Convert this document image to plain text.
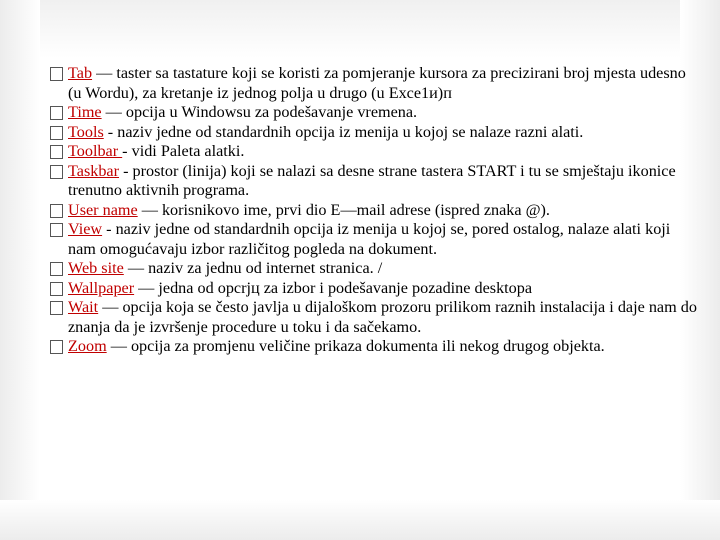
Tab — taster sa tastature koji se koristi za pomjeranje kursora za precizirani broj mjesta udesno (u Wordu), za kretanje iz jednog polja u drugo (u Exce1и)п
Time — opcija u Windowsu za podešavanje vremena.
Tools - naziv jedne od standardnih opcija iz menija u kojoj se nalaze razni alati.
Toolbar - vidi Paleta alatki.
Taskbar - prostor (linija) koji se nalazi sa desne strane tastera START i tu se smještaju ikonice trenutno aktivnih programa.
User name — korisnikovo ime, prvi dio E—mail adrese (ispred znaka @).
View - naziv jedne od standardnih opcija iz menija u kojoj se, pored ostalog, nalaze alati koji nam omogućavaju izbor različitog pogleda na dokument.
Web site — naziv za jednu od internet stranica. /
Wallpaper — jedna od opcrjц za izbor i podešavanje pozadine desktopa
Wait — opcija koja se često javlja u dijaloškom prozoru prilikom raznih instalacija i daje nam do znanja da je izvršenje procedure u toku i da sačekamo.
Zoom — opcija za promjenu veličine prikaza dokumenta ili nekog drugog objekta.
